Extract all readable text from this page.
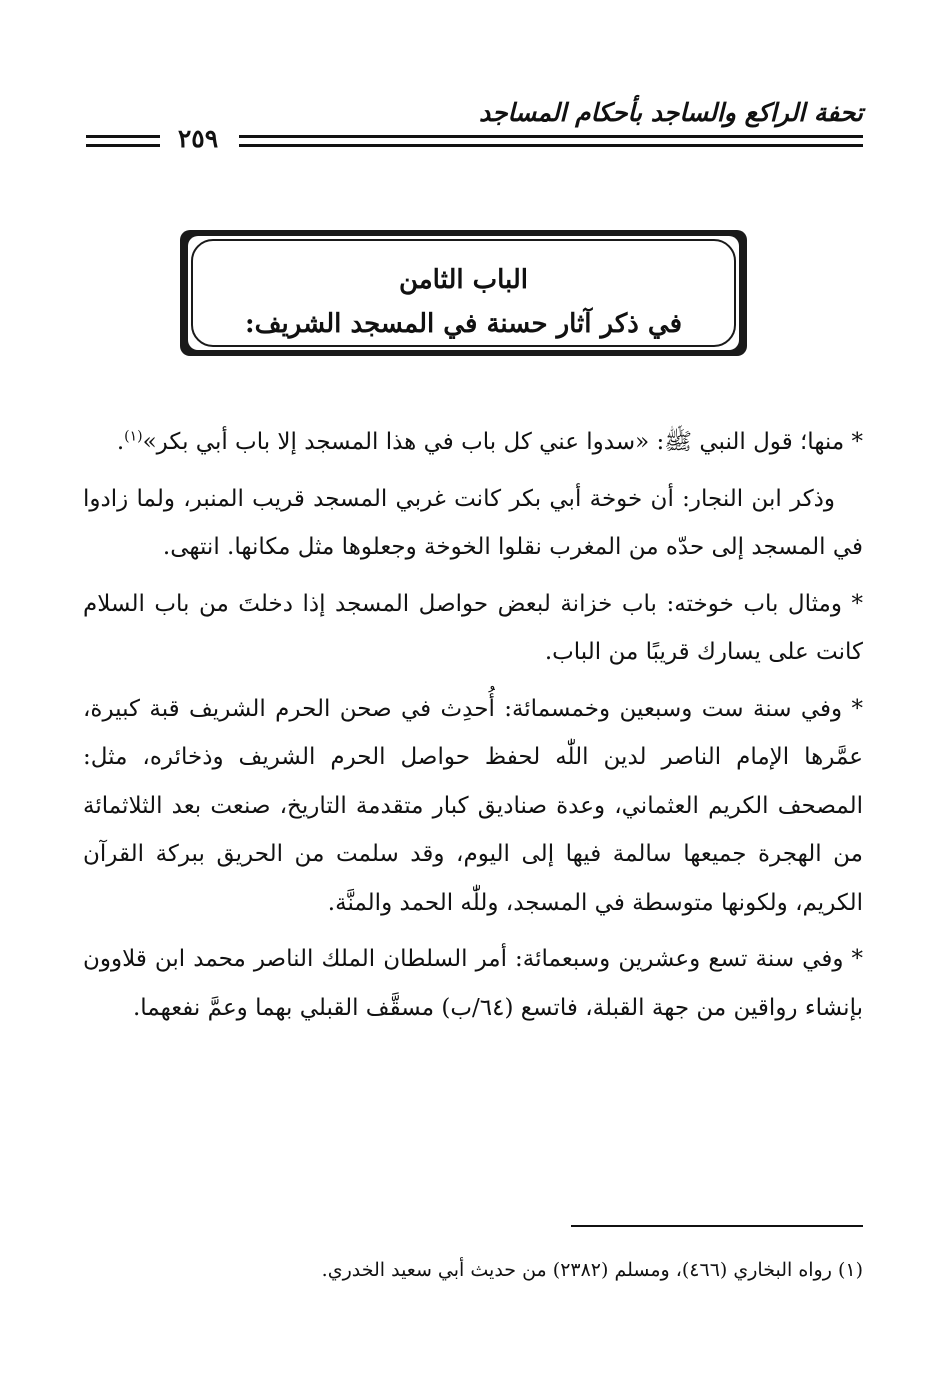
تحفة الراكع والساجد بأحكام المساجد
٢٥٩
الباب الثامن
في ذكر آثار حسنة في المسجد الشريف:

* منها؛ قول النبي ﷺ: «سدوا عني كل باب في هذا المسجد إلا باب أبي بكر»$^{(١)}$.

وذكر ابن النجار: أن خوخة أبي بكر كانت غربي المسجد قريب المنبر، ولما زادوا في المسجد إلى حدّه من المغرب نقلوا الخوخة وجعلوها مثل مكانها. انتهى.

* ومثال باب خوخته: باب خزانة لبعض حواصل المسجد إذا دخلتَ من باب السلام كانت على يسارك قريبًا من الباب.

* وفي سنة ست وسبعين وخمسمائة: أُحدِث في صحن الحرم الشريف قبة كبيرة، عمَّرها الإمام الناصر لدين اللّٰه لحفظ حواصل الحرم الشريف وذخائره، مثل: المصحف الكريم العثماني، وعدة صناديق كبار متقدمة التاريخ، صنعت بعد الثلاثمائة من الهجرة جميعها سالمة فيها إلى اليوم، وقد سلمت من الحريق ببركة القرآن الكريم، ولكونها متوسطة في المسجد، وللّٰه الحمد والمنَّة.

* وفي سنة تسع وعشرين وسبعمائة: أمر السلطان الملك الناصر محمد ابن قلاوون بإنشاء رواقين من جهة القبلة، فاتسع (٦٤/ب) مسقَّف القبلي بهما وعمَّ نفعهما.

(١) رواه البخاري (٤٦٦)، ومسلم (٢٣٨٢) من حديث أبي سعيد الخدري.
